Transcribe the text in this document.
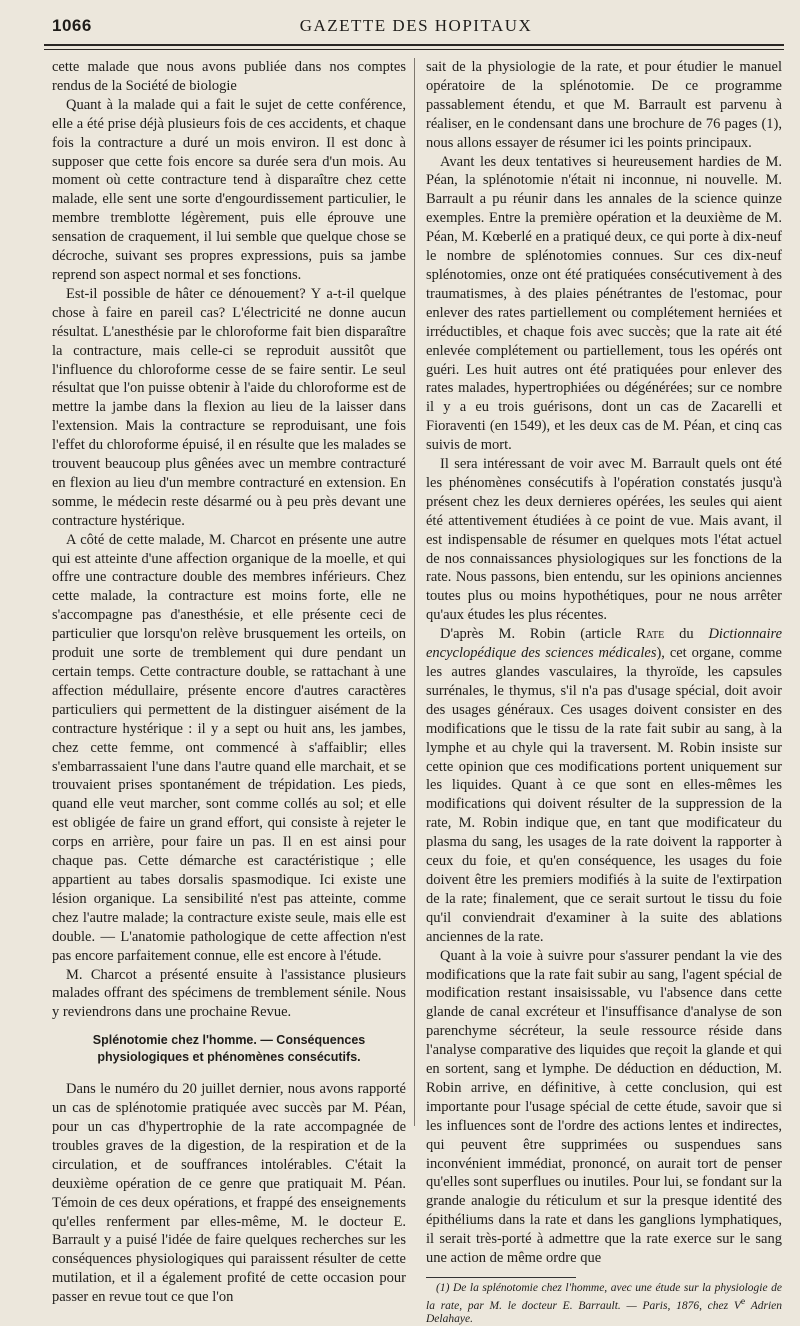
1066	GAZETTE DES HOPITAUX

cette malade que nous avons publiée dans nos comptes rendus de la Société de biologie

Quant à la malade qui a fait le sujet de cette conférence, elle a été prise déjà plusieurs fois de ces accidents, et chaque fois la contracture a duré un mois environ. Il est donc à supposer que cette fois encore sa durée sera d'un mois. Au moment où cette contracture tend à disparaître chez cette malade, elle sent une sorte d'engourdissement particulier, le membre tremblotte légèrement, puis elle éprouve une sensation de craquement, il lui semble que quelque chose se décroche, suivant ses propres expressions, puis sa jambe reprend son aspect normal et ses fonctions.

Est-il possible de hâter ce dénouement? Y a-t-il quelque chose à faire en pareil cas? L'électricité ne donne aucun résultat. L'anesthésie par le chloroforme fait bien disparaître la contracture, mais celle-ci se reproduit aussitôt que l'influence du chloroforme cesse de se faire sentir. Le seul résultat que l'on puisse obtenir à l'aide du chloroforme est de mettre la jambe dans la flexion au lieu de la laisser dans l'extension. Mais la contracture se reproduisant, une fois l'effet du chloroforme épuisé, il en résulte que les malades se trouvent beaucoup plus gênées avec un membre contracturé en flexion au lieu d'un membre contracturé en extension. En somme, le médecin reste désarmé ou à peu près devant une contracture hystérique.

A côté de cette malade, M. Charcot en présente une autre qui est atteinte d'une affection organique de la moelle, et qui offre une contracture double des membres inférieurs. Chez cette malade, la contracture est moins forte, elle ne s'accompagne pas d'anesthésie, et elle présente ceci de particulier que lorsqu'on relève brusquement les orteils, on produit une sorte de tremblement qui dure pendant un certain temps. Cette contracture double, se rattachant à une affection médullaire, présente encore d'autres caractères particuliers qui permettent de la distinguer aisément de la contracture hystérique : il y a sept ou huit ans, les jambes, chez cette femme, ont commencé à s'affaiblir; elles s'embarrassaient l'une dans l'autre quand elle marchait, et se trouvaient prises spontanément de trépidation. Les pieds, quand elle veut marcher, sont comme collés au sol; et elle est obligée de faire un grand effort, qui consiste à rejeter le corps en arrière, pour faire un pas. Il en est ainsi pour chaque pas. Cette démarche est caractéristique ; elle appartient au tabes dorsalis spasmodique. Ici existe une lésion organique. La sensibilité n'est pas atteinte, comme chez l'autre malade; la contracture existe seule, mais elle est double. — L'anatomie pathologique de cette affection n'est pas encore parfaitement connue, elle est encore à l'étude.

M. Charcot a présenté ensuite à l'assistance plusieurs malades offrant des spécimens de tremblement sénile. Nous y reviendrons dans une prochaine Revue.

Splénotomie chez l'homme. — Conséquences physiologiques et phénomènes consécutifs.

Dans le numéro du 20 juillet dernier, nous avons rapporté un cas de splénotomie pratiquée avec succès par M. Péan, pour un cas d'hypertrophie de la rate accompagnée de troubles graves de la digestion, de la respiration et de la circulation, et de souffrances intolérables. C'était la deuxième opération de ce genre que pratiquait M. Péan. Témoin de ces deux opérations, et frappé des enseignements qu'elles renferment par elles-même, M. le docteur E. Barrault y a puisé l'idée de faire quelques recherches sur les conséquences physiologiques qui paraissent résulter de cette mutilation, et il a également profité de cette occasion pour passer en revue tout ce que l'on

sait de la physiologie de la rate, et pour étudier le manuel opératoire de la splénotomie. De ce programme passablement étendu, et que M. Barrault est parvenu à réaliser, en le condensant dans une brochure de 76 pages (1), nous allons essayer de résumer ici les points principaux.

Avant les deux tentatives si heureusement hardies de M. Péan, la splénotomie n'était ni inconnue, ni nouvelle. M. Barrault a pu réunir dans les annales de la science quinze exemples. Entre la première opération et la deuxième de M. Péan, M. Kœberlé en a pratiqué deux, ce qui porte à dix-neuf le nombre de splénotomies connues. Sur ces dix-neuf splénotomies, onze ont été pratiquées consécutivement à des traumatismes, à des plaies pénétrantes de l'estomac, pour enlever des rates partiellement ou complétement herniées et irréductibles, et chaque fois avec succès; que la rate ait été enlevée complétement ou partiellement, tous les opérés ont guéri. Les huit autres ont été pratiquées pour enlever des rates malades, hypertrophiées ou dégénérées; sur ce nombre il y a eu trois guérisons, dont un cas de Zacarelli et Fioraventi (en 1549), et les deux cas de M. Péan, et cinq cas suivis de mort.

Il sera intéressant de voir avec M. Barrault quels ont été les phénomènes consécutifs à l'opération constatés jusqu'à présent chez les deux dernieres opérées, les seules qui aient été attentivement étudiées à ce point de vue. Mais avant, il est indispensable de résumer en quelques mots l'état actuel de nos connaissances physiologiques sur les fonctions de la rate. Nous passons, bien entendu, sur les opinions anciennes toutes plus ou moins hypothétiques, pour ne nous arrêter qu'aux études les plus récentes.

D'après M. Robin (article Rate du Dictionnaire encyclopédique des sciences médicales), cet organe, comme les autres glandes vasculaires, la thyroïde, les capsules surrénales, le thymus, s'il n'a pas d'usage spécial, doit avoir des usages généraux. Ces usages doivent consister en des modifications que le tissu de la rate fait subir au sang, à la lymphe et au chyle qui la traversent. M. Robin insiste sur cette opinion que ces modifications portent uniquement sur les liquides. Quant à ce que sont en elles-mêmes les modifications qui doivent résulter de la suppression de la rate, M. Robin indique que, en tant que modificateur du plasma du sang, les usages de la rate doivent la rapporter à ceux du foie, et qu'en conséquence, les usages du foie doivent être les premiers modifiés à la suite de l'extirpation de la rate; finalement, que ce serait surtout le tissu du foie qu'il conviendrait d'examiner à la suite des ablations anciennes de la rate.

Quant à la voie à suivre pour s'assurer pendant la vie des modifications que la rate fait subir au sang, l'agent spécial de modification restant insaisissable, vu l'absence dans cette glande de canal excréteur et l'insuffisance d'analyse de son parenchyme sécréteur, la seule ressource réside dans l'analyse comparative des liquides que reçoit la glande et qui en sortent, sang et lymphe. De déduction en déduction, M. Robin arrive, en définitive, à cette conclusion, qui est importante pour l'usage spécial de cette étude, savoir que si les influences sont de l'ordre des actions lentes et indirectes, qui peuvent être supprimées ou suspendues sans inconvénient immédiat, prononcé, on aurait tort de penser qu'elles sont superflues ou inutiles. Pour lui, se fondant sur la grande analogie du réticulum et sur la presque identité des épithéliums dans la rate et dans les ganglions lymphatiques, il serait très-porté à admettre que la rate exerce sur le sang une action de même ordre que

(1) De la splénotomie chez l'homme, avec une étude sur la physiologie de la rate, par M. le docteur E. Barrault. — Paris, 1876, chez Ve Adrien Delahaye.
